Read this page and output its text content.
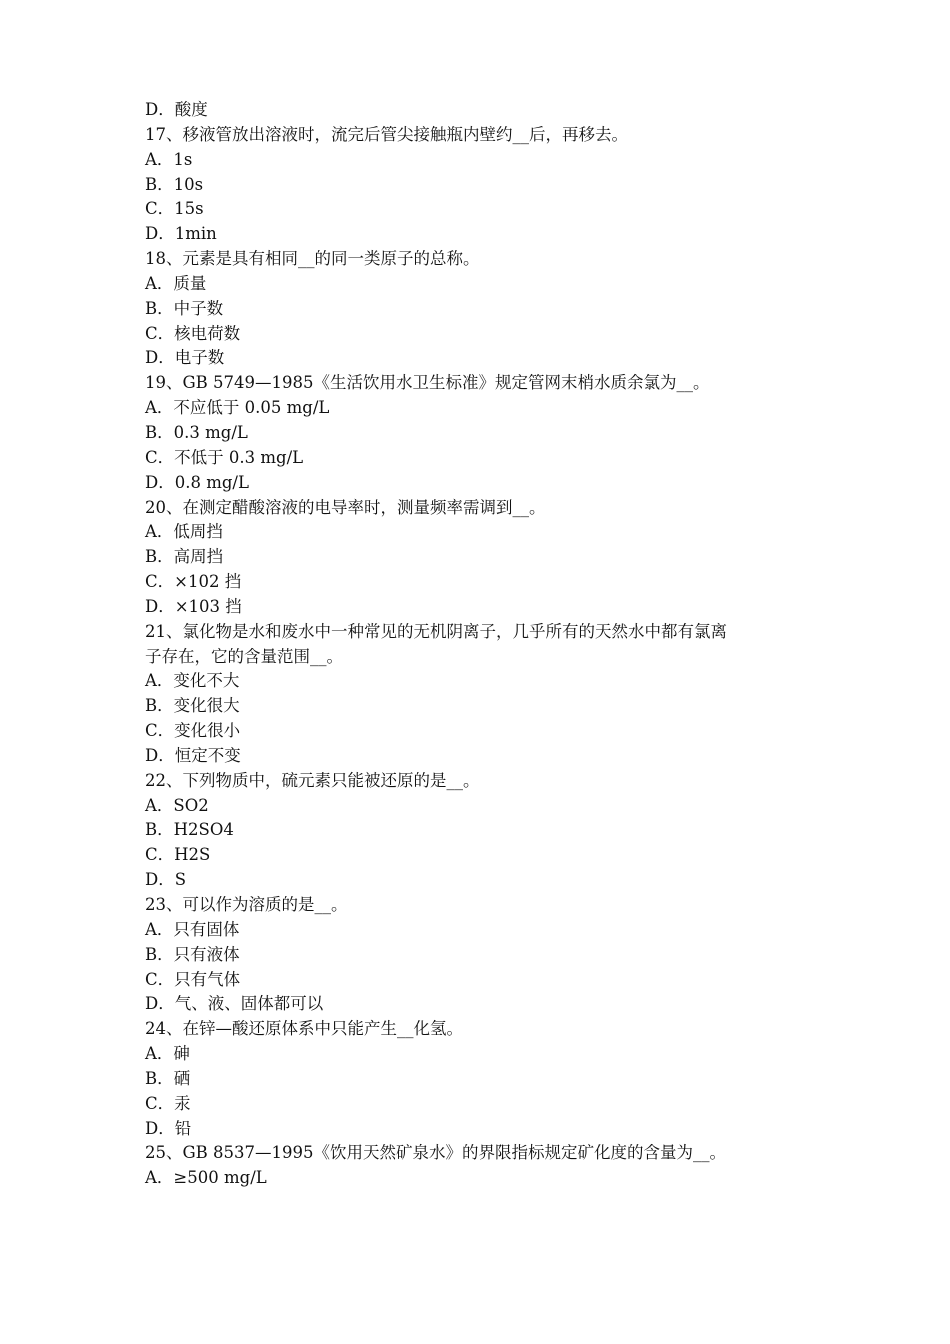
D．酸度
17、移液管放出溶液时，流完后管尖接触瓶内壁约__后，再移去。
A．1s
B．10s
C．15s
D．1min
18、元素是具有相同__的同一类原子的总称。
A．质量
B．中子数
C．核电荷数
D．电子数
19、GB 5749—1985《生活饮用水卫生标准》规定管网末梢水质余氯为__。
A．不应低于 0.05 mg/L
B．0.3 mg/L
C．不低于 0.3 mg/L
D．0.8 mg/L
20、在测定醋酸溶液的电导率时，测量频率需调到__。
A．低周挡
B．高周挡
C．×102 挡
D．×103 挡
21、氯化物是水和废水中一种常见的无机阴离子，几乎所有的天然水中都有氯离
子存在，它的含量范围__。
A．变化不大
B．变化很大
C．变化很小
D．恒定不变
22、下列物质中，硫元素只能被还原的是__。
A．SO2
B．H2SO4
C．H2S
D．S
23、可以作为溶质的是__。
A．只有固体
B．只有液体
C．只有气体
D．气、液、固体都可以
24、在锌—酸还原体系中只能产生__化氢。
A．砷
B．硒
C．汞
D．铅
25、GB 8537—1995《饮用天然矿泉水》的界限指标规定矿化度的含量为__。
A．≥500 mg/L
